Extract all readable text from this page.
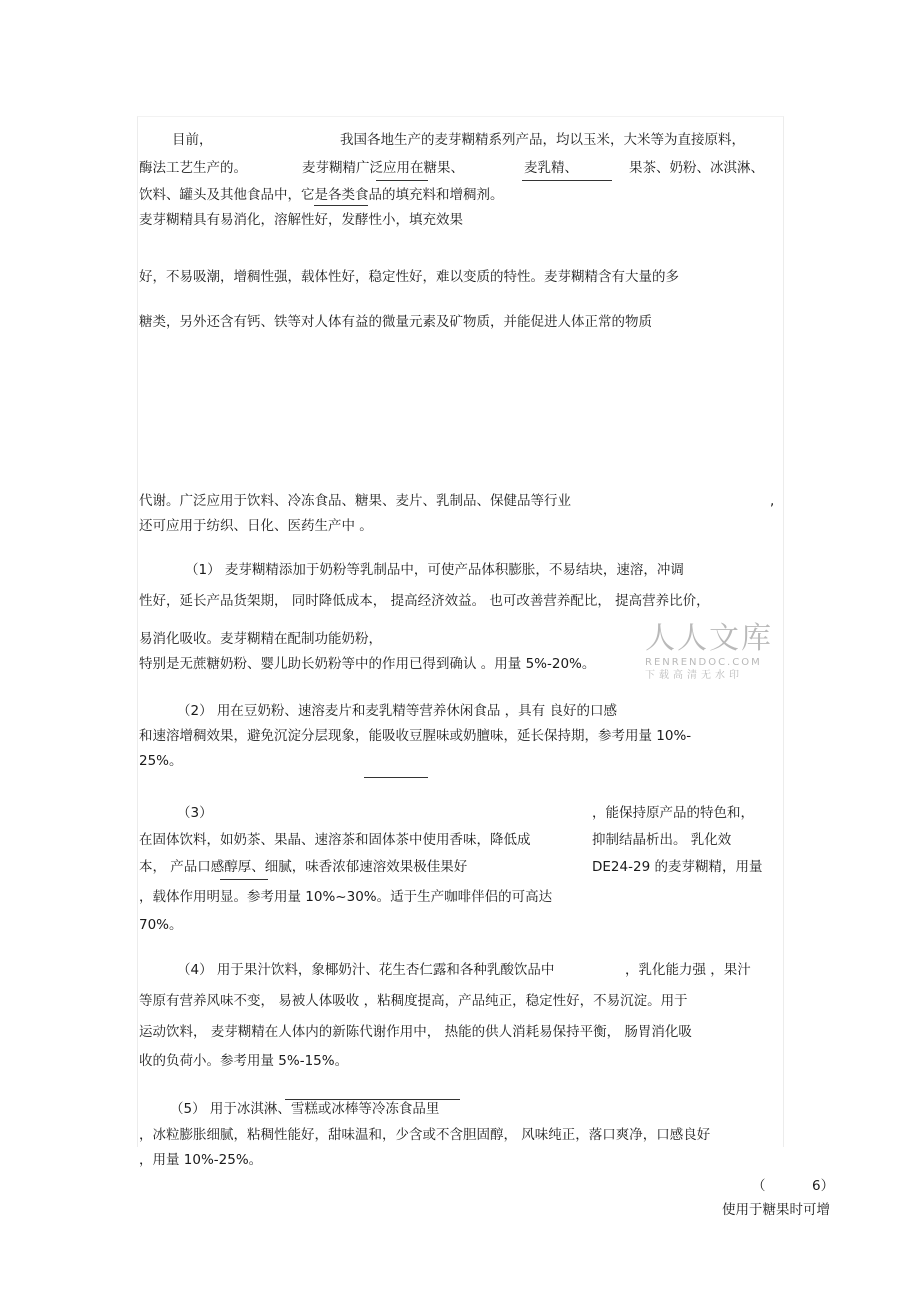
目前，	我国各地生产的麦芽糊精系列产品，均以玉米，大米等为直接原料，
酶法工艺生产的。	麦芽糊精广泛应用在糖果、	麦乳精、	果茶、奶粉、冰淇淋、
饮料、罐头及其他食品中，它是各类食品的填充料和增稠剂。
麦芽糊精具有易消化，溶解性好，发酵性小，填充效果
好，不易吸潮，增稠性强，载体性好，稳定性好，难以变质的特性。麦芽糊精含有大量的多
糖类，另外还含有钙、铁等对人体有益的微量元素及矿物质，并能促进人体正常的物质
代谢。广泛应用于饮料、冷冻食品、糖果、麦片、乳制品、保健品等行业	,
还可应用于纺织、日化、医药生产中 。
（1） 麦芽糊精添加于奶粉等乳制品中，可使产品体积膨胀，不易结块，速溶，冲调
性好，延长产品货架期， 同时降低成本， 提高经济效益。 也可改善营养配比， 提高营养比价，
易消化吸收。麦芽糊精在配制功能奶粉，
特别是无蔗糖奶粉、婴儿助长奶粉等中的作用已得到确认 。用量 5%-20%。
人人文库
RENRENDOC.COM
下载高清无水印
（2） 用在豆奶粉、速溶麦片和麦乳精等营养休闲食品 ，具有 良好的口感
和速溶增稠效果，避免沉淀分层现象，能吸收豆腥味或奶膻味，延长保持期，参考用量 10%-
25%。
（3）	，能保持原产品的特色和，
在固体饮料，如奶茶、果晶、速溶茶和固体茶中使用香味，降低成	抑制结晶析出。 乳化效
本， 产品口感醇厚、细腻，味香浓郁速溶效果极佳果好	DE24-29 的麦芽糊精，用量
，载体作用明显。参考用量 10%~30%。适于生产咖啡伴侣的可高达
70%。
（4） 用于果汁饮料，象椰奶汁、花生杏仁露和各种乳酸饮品中	，乳化能力强 ，果汁
等原有营养风味不变， 易被人体吸收 ，粘稠度提高，产品纯正，稳定性好，不易沉淀。用于
运动饮料， 麦芽糊精在人体内的新陈代谢作用中， 热能的供人消耗易保持平衡， 肠胃消化吸
收的负荷小。参考用量 5%-15%。
（5） 用于冰淇淋、雪糕或冰棒等冷冻食品里
，冰粒膨胀细腻，粘稠性能好，甜味温和，少含或不含胆固醇， 风味纯正，落口爽净，口感良好
，用量 10%-25%。
（	6）
使用于糖果时可增
